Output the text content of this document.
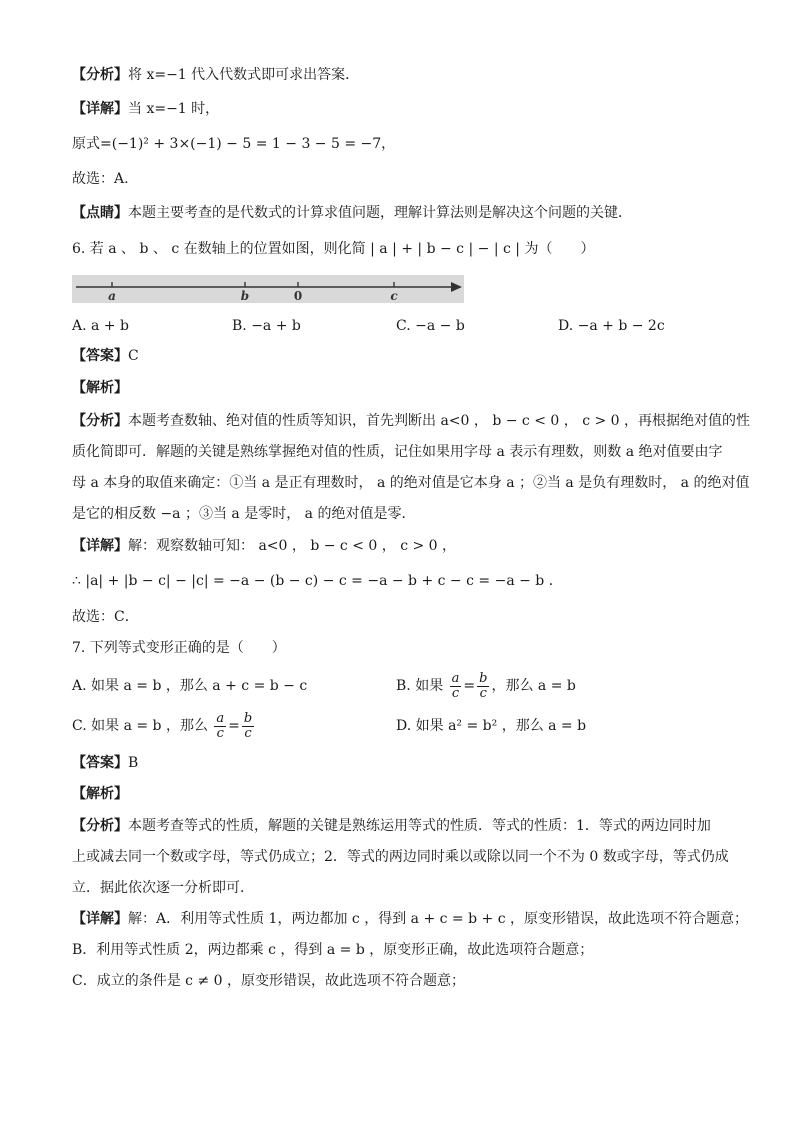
【分析】将 x=−1 代入代数式即可求出答案．
【详解】当 x=−1 时，
原式=(−1)² + 3×(−1) − 5 = 1 − 3 − 5 = −7，
故选：A.
【点睛】本题主要考查的是代数式的计算求值问题，理解计算法则是解决这个问题的关键．
6. 若 a 、 b 、 c 在数轴上的位置如图，则化简 | a | + | b − c | − | c | 为（　　）
a	b	0	c
A. a + b	B. −a + b	C. −a − b	D. −a + b − 2c
【答案】C
【解析】
【分析】本题考查数轴、绝对值的性质等知识，首先判断出 a<0 ， b − c < 0 ， c > 0 ，再根据绝对值的性
质化简即可．解题的关键是熟练掌握绝对值的性质，记住如果用字母 a 表示有理数，则数 a 绝对值要由字
母 a 本身的取值来确定：①当 a 是正有理数时， a 的绝对值是它本身 a ；②当 a 是负有理数时， a 的绝对值
是它的相反数 −a ；③当 a 是零时， a 的绝对值是零．
【详解】解：观察数轴可知： a<0 ， b − c < 0 ， c > 0 ，
∴ |a| + |b − c| − |c| = −a − (b − c) − c = −a − b + c − c = −a − b ．
故选：C．
7. 下列等式变形正确的是（　　）
A. 如果 a = b ，那么 a + c = b − c	B. 如果 $\frac{a}{c} = \frac{b}{c}$ ，那么 a = b
C. 如果 a = b ，那么 $\frac{a}{c} = \frac{b}{c}$	D. 如果 a² = b² ，那么 a = b
【答案】B
【解析】
【分析】本题考查等式的性质，解题的关键是熟练运用等式的性质．等式的性质：1．等式的两边同时加
上或减去同一个数或字母，等式仍成立；2．等式的两边同时乘以或除以同一个不为 0 数或字母，等式仍成
立．据此依次逐一分析即可．
【详解】解：A．利用等式性质 1，两边都加 c ，得到 a + c = b + c ，原变形错误，故此选项不符合题意；
B．利用等式性质 2，两边都乘 c ，得到 a = b ，原变形正确，故此选项符合题意；
C．成立的条件是 c ≠ 0 ，原变形错误，故此选项不符合题意；
